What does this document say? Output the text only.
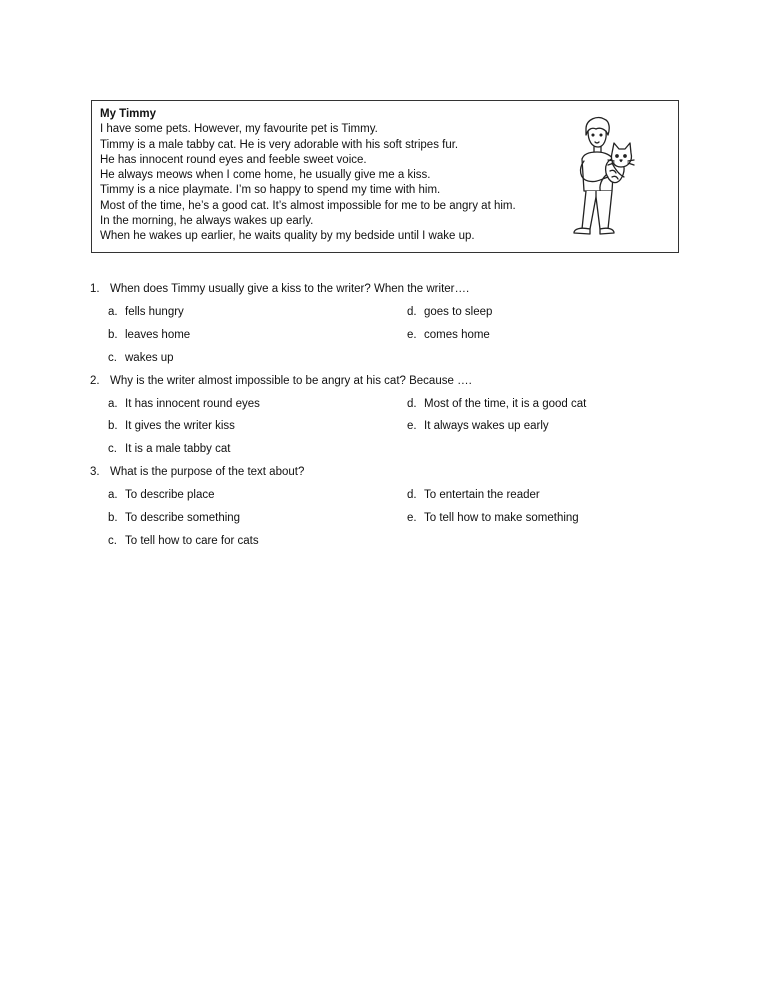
My Timmy
I have some pets. However, my favourite pet is Timmy.
Timmy is a male tabby cat. He is very adorable with his soft stripes fur.
He has innocent round eyes and feeble sweet voice.
He always meows when I come home, he usually give me a kiss.
Timmy is a nice playmate. I’m so happy to spend my time with him.
Most of the time, he’s a good cat. It’s almost impossible for me to be angry at him.
In the morning, he always wakes up early.
When he wakes up earlier, he waits quality by my bedside until I wake up.
1. When does Timmy usually give a kiss to the writer? When the writer….
a. fells hungry	d. goes to sleep
b. leaves home	e. comes home
c. wakes up
2. Why is the writer almost impossible to be angry at his cat? Because ….
a. It has innocent round eyes	d. Most of the time, it is a good cat
b. It gives the writer kiss	e. It always wakes up early
c. It is a male tabby cat
3. What is the purpose of the text about?
a. To describe place	d. To entertain the reader
b. To describe something	e. To tell how to make something
c. To tell how to care for cats
